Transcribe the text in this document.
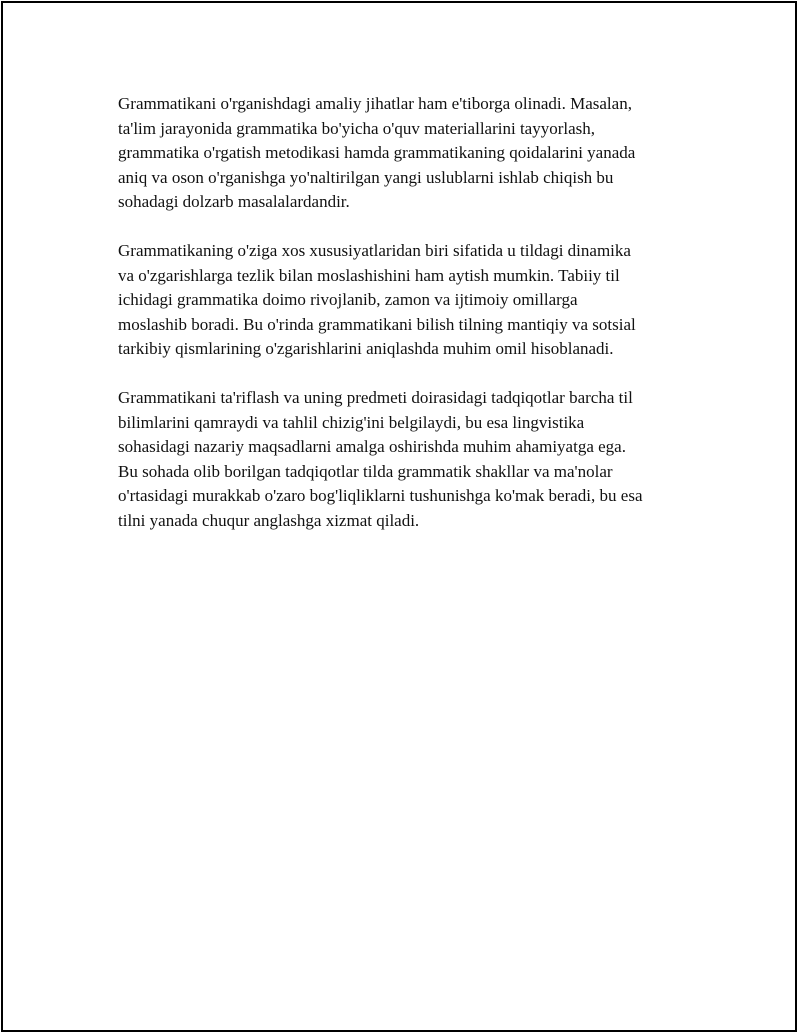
Grammatikani o'rganishdagi amaliy jihatlar ham e'tiborga olinadi. Masalan,
ta'lim jarayonida grammatika bo'yicha o'quv materiallarini tayyorlash,
grammatika o'rgatish metodikasi hamda grammatikaning qoidalarini yanada
aniq va oson o'rganishga yo'naltirilgan yangi uslublarni ishlab chiqish bu
sohadagi dolzarb masalalardandir.

Grammatikaning o'ziga xos xususiyatlaridan biri sifatida u tildagi dinamika
va o'zgarishlarga tezlik bilan moslashishini ham aytish mumkin. Tabiiy til
ichidagi grammatika doimo rivojlanib, zamon va ijtimoiy omillarga
moslashib boradi. Bu o'rinda grammatikani bilish tilning mantiqiy va sotsial
tarkibiy qismlarining o'zgarishlarini aniqlashda muhim omil hisoblanadi.

Grammatikani ta'riflash va uning predmeti doirasidagi tadqiqotlar barcha til
bilimlarini qamraydi va tahlil chizig'ini belgilaydi, bu esa lingvistika
sohasidagi nazariy maqsadlarni amalga oshirishda muhim ahamiyatga ega.
Bu sohada olib borilgan tadqiqotlar tilda grammatik shakllar va ma'nolar
o'rtasidagi murakkab o'zaro bog'liqliklarni tushunishga ko'mak beradi, bu esa
tilni yanada chuqur anglashga xizmat qiladi.
